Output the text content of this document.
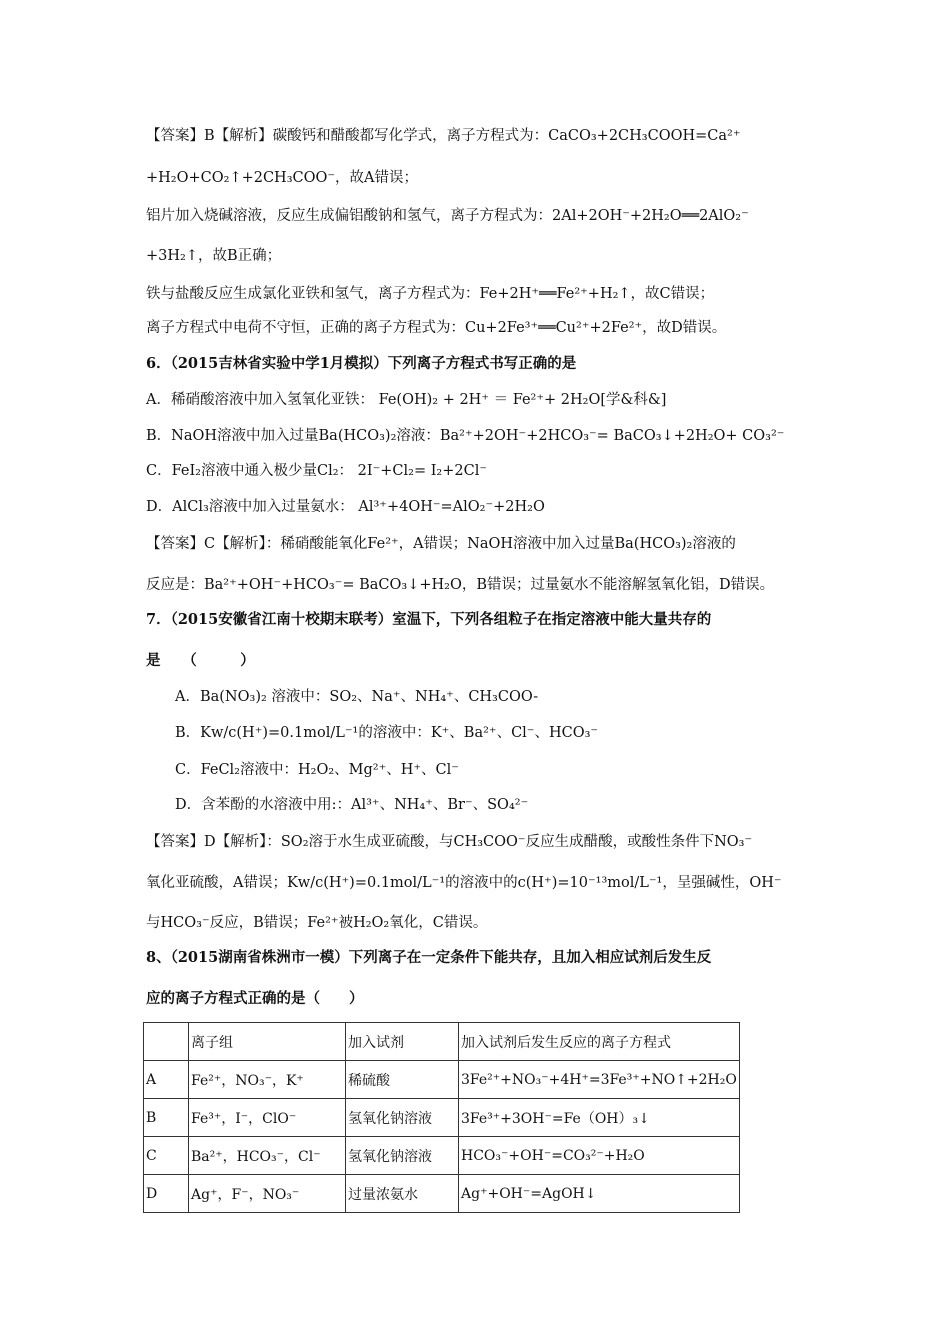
【答案】B【解析】碳酸钙和醋酸都写化学式，离子方程式为：CaCO₃+2CH₃COOH=Ca²⁺
+H₂O+CO₂↑+2CH₃COO⁻，故A错误；
铝片加入烧碱溶液，反应生成偏铝酸钠和氢气，离子方程式为：2Al+2OH⁻+2H₂O══2AlO₂⁻
+3H₂↑，故B正确；
铁与盐酸反应生成氯化亚铁和氢气，离子方程式为：Fe+2H⁺══Fe²⁺+H₂↑，故C错误；
离子方程式中电荷不守恒，正确的离子方程式为：Cu+2Fe³⁺══Cu²⁺+2Fe²⁺，故D错误。
6．（2015吉林省实验中学1月模拟）下列离子方程式书写正确的是
A．稀硝酸溶液中加入氢氧化亚铁： Fe(OH)₂ + 2H⁺ ＝ Fe²⁺+ 2H₂O[学&科&]
B．NaOH溶液中加入过量Ba(HCO₃)₂溶液：Ba²⁺+2OH⁻+2HCO₃⁻= BaCO₃↓+2H₂O+ CO₃²⁻
C．FeI₂溶液中通入极少量Cl₂： 2I⁻+Cl₂= I₂+2Cl⁻
D．AlCl₃溶液中加入过量氨水： Al³⁺+4OH⁻=AlO₂⁻+2H₂O
【答案】C【解析】：稀硝酸能氧化Fe²⁺，A错误；NaOH溶液中加入过量Ba(HCO₃)₂溶液的
反应是：Ba²⁺+OH⁻+HCO₃⁻= BaCO₃↓+H₂O，B错误；过量氨水不能溶解氢氧化铝，D错误。
7．（2015安徽省江南十校期末联考）室温下，下列各组粒子在指定溶液中能大量共存的
是　　（　　　）
A．Ba(NO₃)₂ 溶液中：SO₂、Na⁺、NH₄⁺、CH₃COO-
B．Kw/c(H⁺)=0.1mol/L⁻¹的溶液中：K⁺、Ba²⁺、Cl⁻、HCO₃⁻
C．FeCl₂溶液中：H₂O₂、Mg²⁺、H⁺、Cl⁻
D．含苯酚的水溶液中用:：Al³⁺、NH₄⁺、Br⁻、SO₄²⁻
【答案】D【解析】：SO₂溶于水生成亚硫酸，与CH₃COO⁻反应生成醋酸，或酸性条件下NO₃⁻
氧化亚硫酸，A错误；Kw/c(H⁺)=0.1mol/L⁻¹的溶液中的c(H⁺)=10⁻¹³mol/L⁻¹，呈强碱性，OH⁻
与HCO₃⁻反应，B错误；Fe²⁺被H₂O₂氧化，C错误。
8、（2015湖南省株洲市一模）下列离子在一定条件下能共存，且加入相应试剂后发生反
应的离子方程式正确的是（　　）
	离子组	加入试剂	加入试剂后发生反应的离子方程式
A	Fe²⁺，NO₃⁻，K⁺	稀硫酸	3Fe²⁺+NO₃⁻+4H⁺=3Fe³⁺+NO↑+2H₂O
B	Fe³⁺，I⁻，ClO⁻	氢氧化钠溶液	3Fe³⁺+3OH⁻=Fe（OH）₃↓
C	Ba²⁺，HCO₃⁻，Cl⁻	氢氧化钠溶液	HCO₃⁻+OH⁻=CO₃²⁻+H₂O
D	Ag⁺，F⁻，NO₃⁻	过量浓氨水	Ag⁺+OH⁻=AgOH↓
